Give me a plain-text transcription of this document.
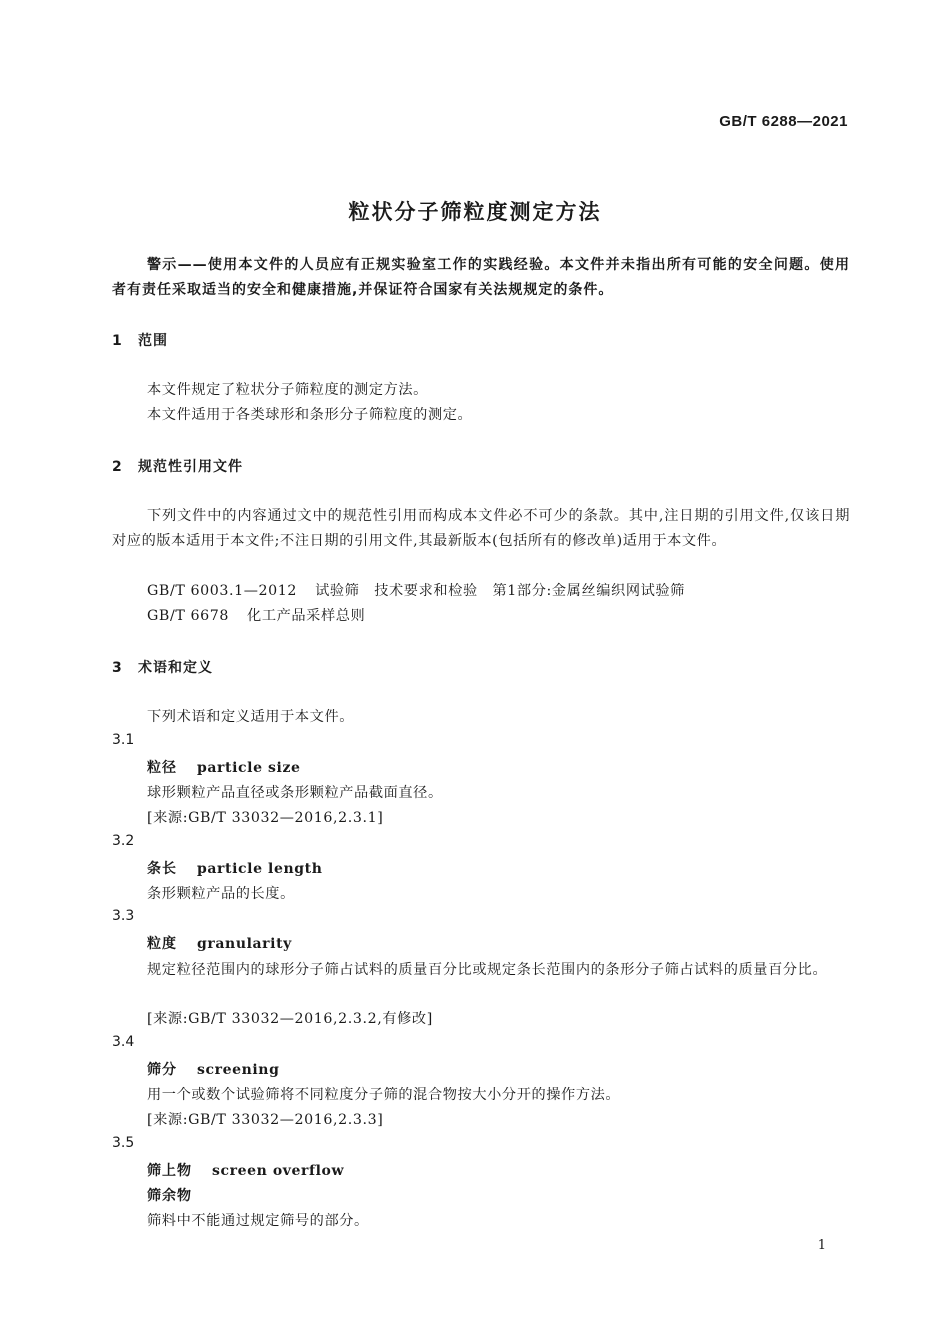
GB/T 6288—2021
粒状分子筛粒度测定方法
警示——使用本文件的人员应有正规实验室工作的实践经验。本文件并未指出所有可能的安全问题。使用者有责任采取适当的安全和健康措施,并保证符合国家有关法规规定的条件。
1 范围
本文件规定了粒状分子筛粒度的测定方法。
本文件适用于各类球形和条形分子筛粒度的测定。
2 规范性引用文件
下列文件中的内容通过文中的规范性引用而构成本文件必不可少的条款。其中,注日期的引用文件,仅该日期对应的版本适用于本文件;不注日期的引用文件,其最新版本(包括所有的修改单)适用于本文件。
GB/T 6003.1—2012 试验筛　技术要求和检验　第1部分:金属丝编织网试验筛
GB/T 6678 化工产品采样总则
3 术语和定义
下列术语和定义适用于本文件。
3.1
粒径 particle size
球形颗粒产品直径或条形颗粒产品截面直径。
[来源:GB/T 33032—2016,2.3.1]
3.2
条长 particle length
条形颗粒产品的长度。
3.3
粒度 granularity
规定粒径范围内的球形分子筛占试料的质量百分比或规定条长范围内的条形分子筛占试料的质量百分比。
[来源:GB/T 33032—2016,2.3.2,有修改]
3.4
筛分 screening
用一个或数个试验筛将不同粒度分子筛的混合物按大小分开的操作方法。
[来源:GB/T 33032—2016,2.3.3]
3.5
筛上物 screen overflow
筛余物
筛料中不能通过规定筛号的部分。
1
